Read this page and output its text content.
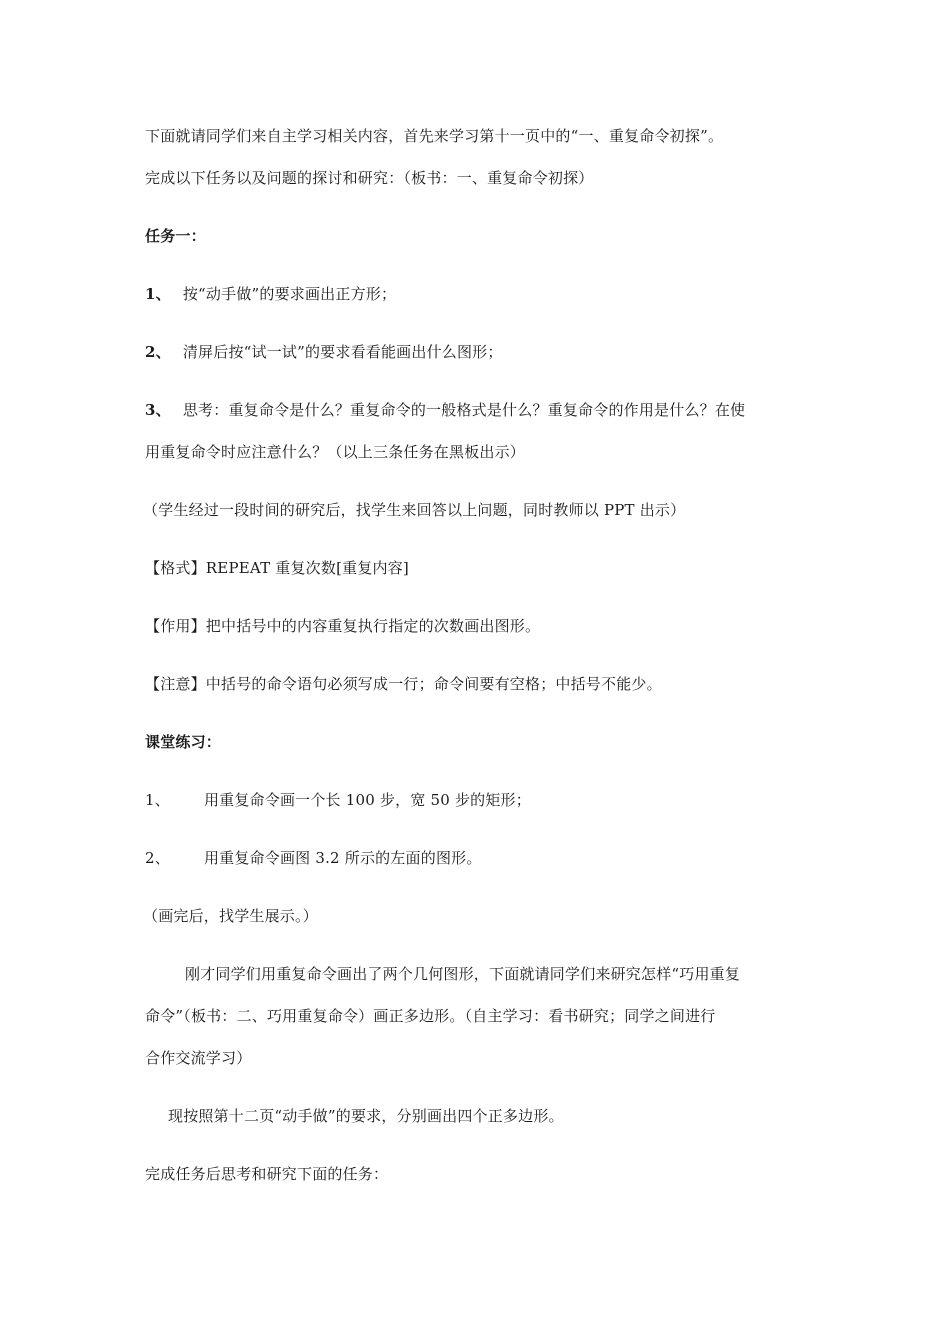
下面就请同学们来自主学习相关内容，首先来学习第十一页中的“一、重复命令初探”。
完成以下任务以及问题的探讨和研究：（板书：一、重复命令初探）
任务一：
1、 按“动手做”的要求画出正方形；
2、 清屏后按“试一试”的要求看看能画出什么图形；
3、 思考：重复命令是什么？重复命令的一般格式是什么？重复命令的作用是什么？在使
用重复命令时应注意什么？（以上三条任务在黑板出示）
（学生经过一段时间的研究后，找学生来回答以上问题，同时教师以 PPT 出示）
【格式】REPEAT 重复次数[重复内容]
【作用】把中括号中的内容重复执行指定的次数画出图形。
【注意】中括号的命令语句必须写成一行；命令间要有空格；中括号不能少。
课堂练习：
1、 用重复命令画一个长 100 步，宽 50 步的矩形；
2、 用重复命令画图 3.2 所示的左面的图形。
（画完后，找学生展示。）
刚才同学们用重复命令画出了两个几何图形，下面就请同学们来研究怎样“巧用重复
命令”（板书：二、巧用重复命令）画正多边形。（自主学习：看书研究；同学之间进行
合作交流学习）
现按照第十二页“动手做”的要求，分别画出四个正多边形。
完成任务后思考和研究下面的任务：
